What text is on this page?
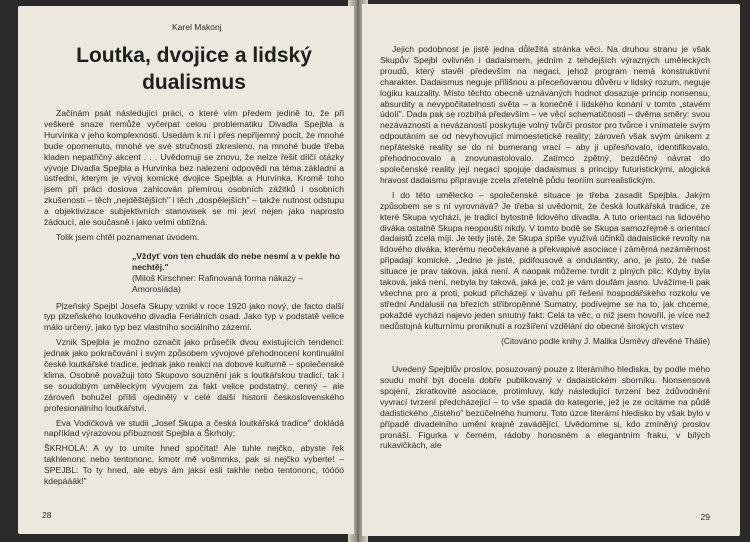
Karel Makonj
Loutka, dvojice a lidský dualismus

Začínám psát následující práci, o které vím předem jedině to, že při veškeré snaze nemůže vyčerpat celou problematiku Divadla Spejbla a Hurvínka v jeho komplexnosti. Usedám k ní i přes nepříjemný pocit, že mnohé bude opomenuto, mnohé ve své stručnosti zkresleno, na mnohé bude třeba kladen nepatřičný akcent . . . Uvědomuji se znovu, že nelze řešit dílčí otázky vývoje Divadla Spejbla a Hurvínka bez nalezení odpovědi na téma základní a ústřední, kterým je vývoj komické dvojice Spejbla a Hurvínka. Kromě toho jsem při práci doslova zahlcován přemírou osobních zážitků i osobních zkušeností – těch „nejděštějších" i těch „dospělejších" – takže nutnost odstupu a objektivizace subjektivních stanovisek se mi jeví nejen jako naprosto žádoucí, ale současně i jako velmi obtížná.

Tolik jsem chtěl poznamenat úvodem.

„Vždyť von ten chudák do nebe nesmí a v pekle ho nechtěj."
(Miloš Kirschner: Rafinovaná forma nákazy – Amorosiáda)

Plzeňský Spejbl Josefa Skupy vznikl v roce 1920 jako nový, de facto další typ plzeňského loutkového divadla Feriálních osad. Jako typ v podstatě velice málo určený, jako typ bez vlastního sociálního zázemí.

Vznik Spejbla je možno označit jako průsečík dvou existujících tendencí: jednak jako pokračování i svým způsobem vývojové přehodnocení kontinuální české loutkářské tradice, jednak jako reakci na dobové kulturně – společenské klima. Osobně považuji toto Skupovo souznění jak s loutkářskou tradicí, tak i se soudobým uměleckým vývojem za fakt velice podstatný, cenný – ale zároveň bohužel příliš ojedinělý v celé další historii československého profesionálního loutkářství.

Eva Vodičková ve studii „Josef Skupa a česká loutkářská tradice" dokládá například výrazovou příbuznost Spejbla a Škrholy:

ŠKRHOLA: A vy to umíte hned spočítat! Ale tuhle nejčko, abyste řek takhlenonc nebo tentononc, kmotr mě vošmrnks, pak si nejčko vyberte! – SPEJBL: To ty hned, ale ebys ám jaksi esli takhle nebo tentononc, tóóóó kdepááák!"

28

Jejich podobnost je jistě jedna důležitá stránka věci. Na druhou stranu je však Skupův Spejbl ovlivněn i dadaismem, jedním z tehdejších výrazných uměleckých proudů, který stavěl především na negaci, jehož program nemá konstruktivní charakter. Dadaismus neguje přílišnou a přeceňovanou důvěru v lidský rozum, neguje logiku kauzality. Místo těchto obecně uznávaných hodnot dosazuje princip nonsensu, absurdity a nevypočitatelnosti světa – a konečně i lidského konání v tomto „stavém údolí". Dada pak se rozbíhá především – ve věcí schematičnosti – dvěma směry: svou nezávazností a nevázaností poskytuje volný tvůrčí prostor pro tvůrce i vnímatele svým odpoutáním se od nevyhovující mimoestetické reality; zároveň však svým únikem z nepřátelské reality se do ní bumerang vrací – aby ji upřesňovalo, identifikovalo, přehodnocovalo a znovunastolovalo. Zatímco zpětný, bezděčný návrat do společenské reality její negací spojuje dadaismus s principy futuristickými, alogická hravost dadaismu připravuje zcela zřetelně půdu teoriím surrealistickým.

I do této umělecko – společenské situace je třeba zasadit Spejbla. Jakým způsobem se s ní vyrovnává? Je třeba si uvědomit, že česká loutkářská tradice, ze které Skupa vychází, je tradicí bytostně lidového divadla. A tuto orientaci na lidového diváka ostatně Skupa neopouští nikdy. V tomto bodě se Skupa samozřejmě s orientací dadaistů zcela míjí. Je tedy jisté, že Skupa spíše využívá účinků dadaistické revolty na lidového diváka, kterému neočekávané a překvapivé asociace i záměrná nezáměrnost připadají komické. „Jedno je jisté, pidifousové a ondulantky, ano, je jisto, že naše situace je prav takova, jaká není. A naopak můžeme tvrdit z plných plic: Kdyby byla taková, jaká není, nebyla by taková, jaká je, což je vám doufám jasno. Uvážíme-li pak všechna pro a proti, pokud přicházejí v úvahu při řešení hospodářského rozkolu ve střední Andalusii na březích stříbropěnné Sumatry, podívejme se na to, jak chceme, pokaždé vycházi najevo jeden smutný fakt: Celá ta věc, o níž jsem hovořil, je více než nedůstojná kulturnímu proniknutí a rozšíření vzdělání do obecné širokých vrstev

(Citováno podle knihy J. Malika Úsměvy dřevěné Thálie)

Uvedený Spejblův proslov, posuzovaný pouze z literárního hlediska, by podle mého soudu mohl být docela dobře publikovaný v dadaistickém sborníku. Nonsensová spojení, zkratkovité asociace, protimluvy, kdy následující tvrzení bez zdůvodnění vyvrací tvrzení předcházející – to vše spadá do kategorie, jež je ze ocitáme na půdě dadistického „čistého" bezúčelného humoru. Toto úzce literární hledisko by však bylo v případě divadelního umění krajně zavádějící. Uvědomme si, kdo zmíněný proslov pronáší. Figurka v černém, rádoby honosném a elegantním fraku, v bílých rukavičkách, ale

29
